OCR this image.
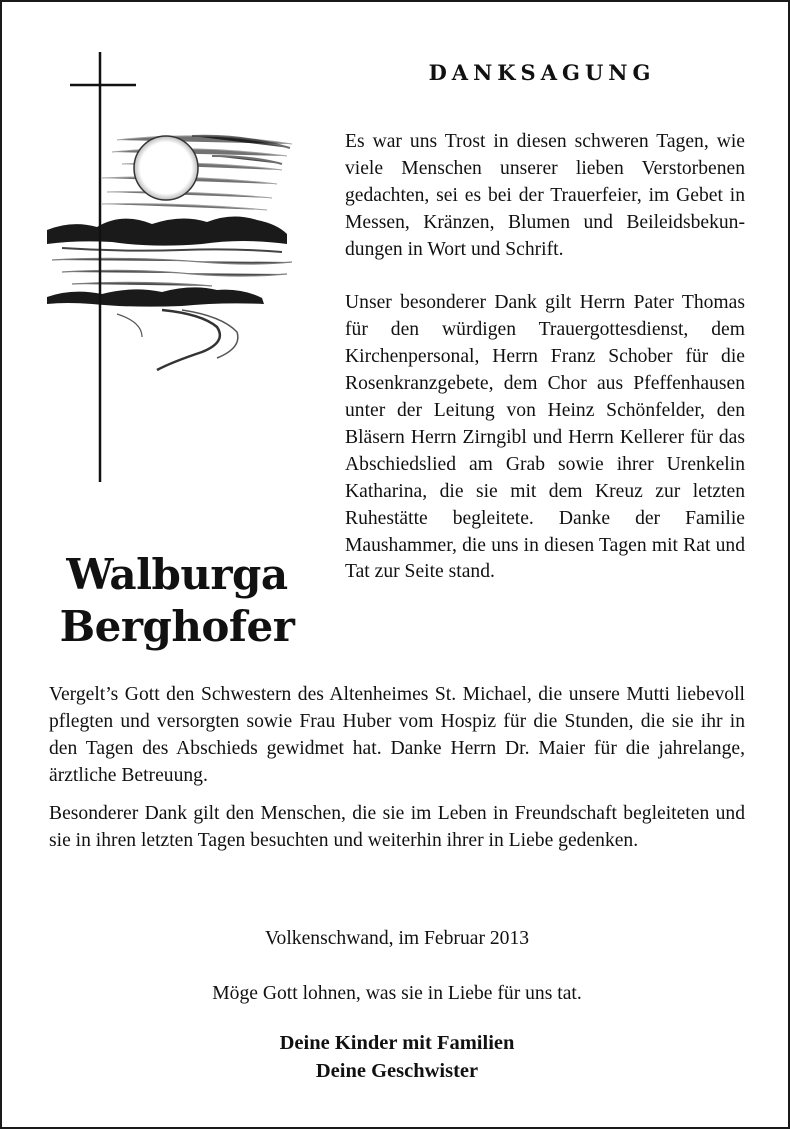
DANKSAGUNG
Walburga
Berghofer

Es war uns Trost in diesen schweren Tagen, wie viele Menschen unserer lieben Verstorbenen gedachten, sei es bei der Trauerfeier, im Gebet in Messen, Kränzen, Blumen und Beileidsbekundungen in Wort und Schrift.

Unser besonderer Dank gilt Herrn Pater Thomas für den würdigen Trauergottesdienst, dem Kirchenpersonal, Herrn Franz Schober für die Rosenkranzgebete, dem Chor aus Pfeffenhausen unter der Leitung von Heinz Schönfelder, den Bläsern Herrn Zirngibl und Herrn Kellerer für das Abschiedslied am Grab sowie ihrer Urenkelin Katharina, die sie mit dem Kreuz zur letzten Ruhestätte begleitete. Danke der Familie Maushammer, die uns in diesen Tagen mit Rat und Tat zur Seite stand.

Vergelt’s Gott den Schwestern des Altenheimes St. Michael, die unsere Mutti liebevoll pflegten und versorgten sowie Frau Huber vom Hospiz für die Stunden, die sie ihr in den Tagen des Abschieds gewidmet hat. Danke Herrn Dr. Maier für die jahrelange, ärztliche Betreuung.

Besonderer Dank gilt den Menschen, die sie im Leben in Freundschaft begleiteten und sie in ihren letzten Tagen besuchten und weiterhin ihrer in Liebe gedenken.

Volkenschwand, im Februar 2013

Möge Gott lohnen, was sie in Liebe für uns tat.

Deine Kinder mit Familien
Deine Geschwister
